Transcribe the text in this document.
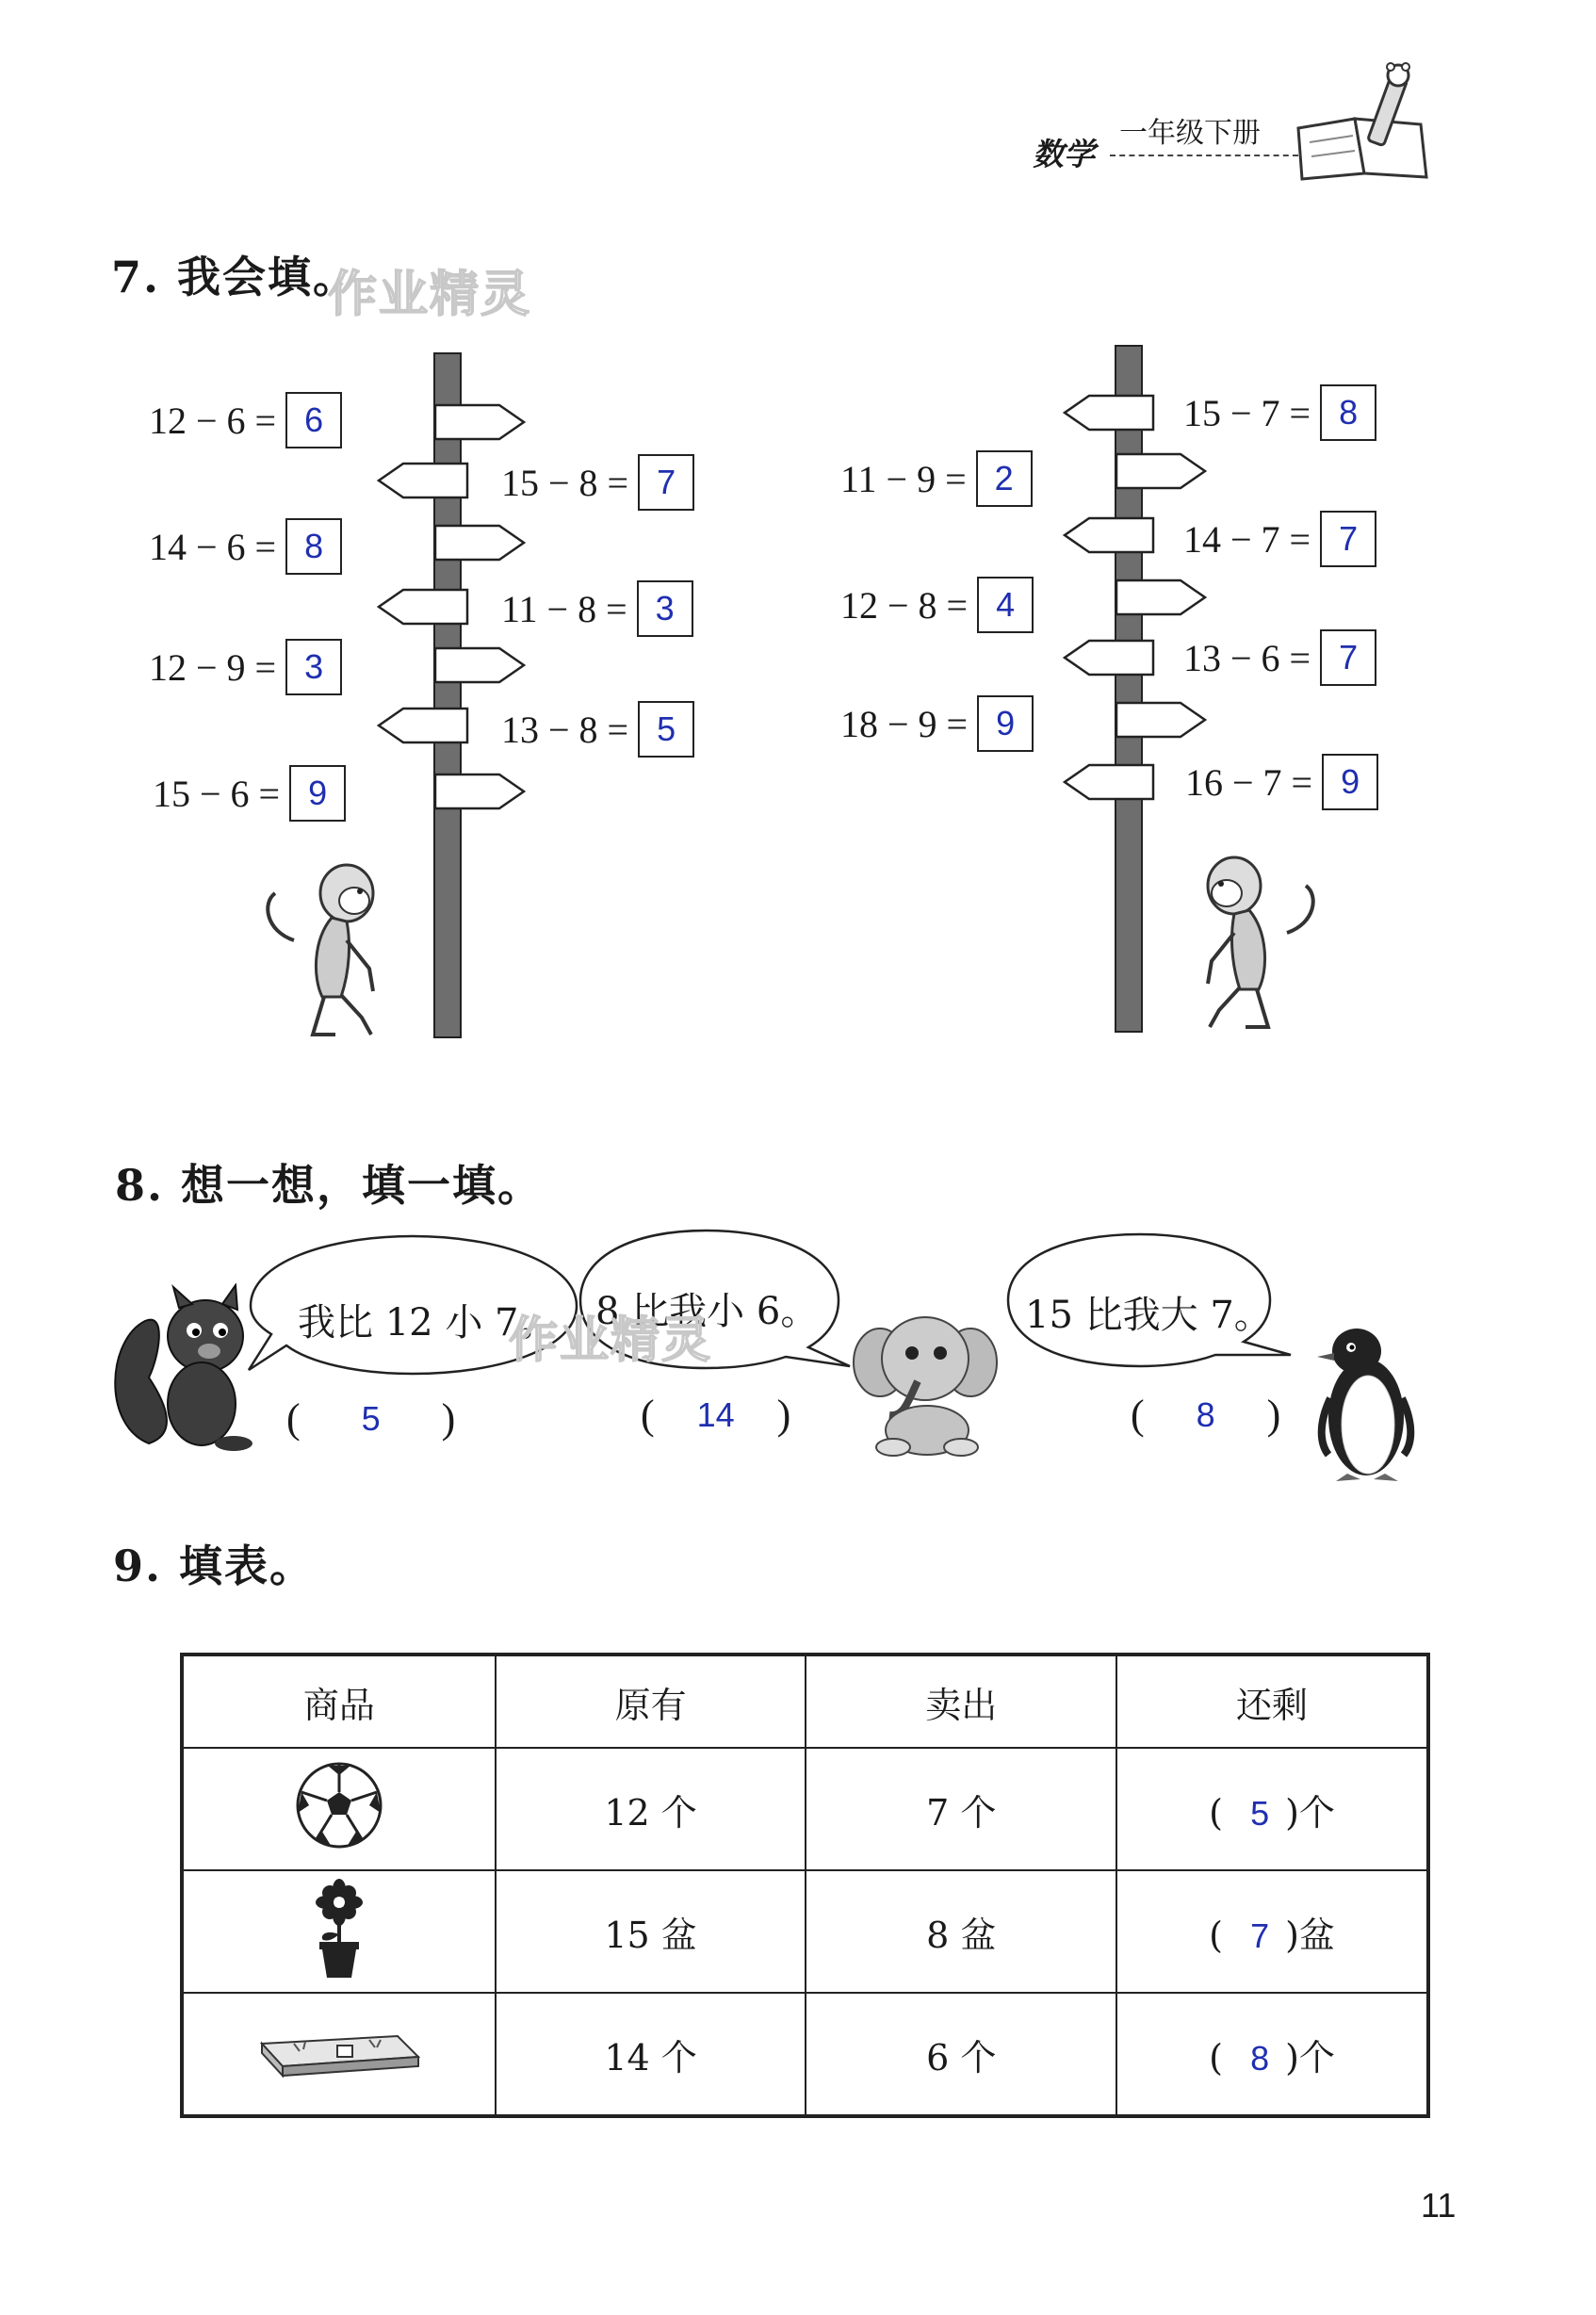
数学
一年级下册
7. 我会填。
作业精灵
12 − 6 = 6
14 − 6 = 8
12 − 9 = 3
15 − 6 = 9
15 − 8 = 7
11 − 8 = 3
13 − 8 = 5
11 − 9 = 2
12 − 8 = 4
18 − 9 = 9
15 − 7 = 8
14 − 7 = 7
13 − 6 = 7
16 − 7 = 9
8. 想一想，填一填。
我比 12 小 7。
(	5	)
8 比我小 6。
作业精灵
(	14	)
15 比我大 7。
(	8	)
9. 填表。
商品	原有	卖出	还剩
	12 个	7 个	( 5 )个
	15 盆	8 盆	( 7 )盆
	14 个	6 个	( 8 )个
11
